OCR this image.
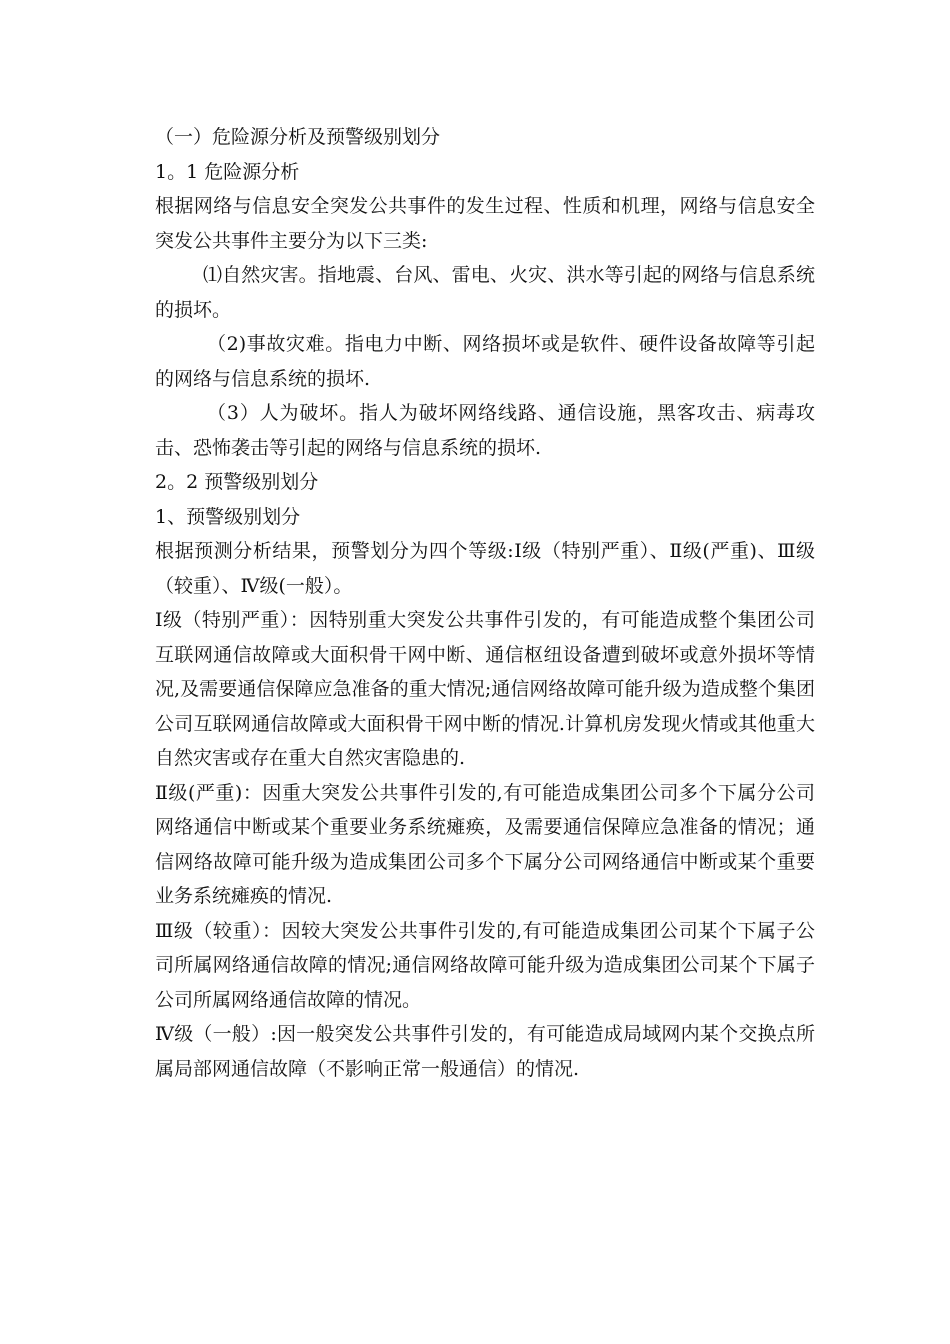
（一）危险源分析及预警级别划分
1。1 危险源分析
根据网络与信息安全突发公共事件的发生过程、性质和机理，网络与信息安全突发公共事件主要分为以下三类:
⑴自然灾害。指地震、台风、雷电、火灾、洪水等引起的网络与信息系统的损坏。
（2)事故灾难。指电力中断、网络损坏或是软件、硬件设备故障等引起的网络与信息系统的损坏.
（3）人为破坏。指人为破坏网络线路、通信设施，黑客攻击、病毒攻击、恐怖袭击等引起的网络与信息系统的损坏.
2。2 预警级别划分
1、预警级别划分
根据预测分析结果，预警划分为四个等级:Ⅰ级（特别严重）、Ⅱ级(严重)、Ⅲ级（较重）、Ⅳ级(一般）。
Ⅰ级（特别严重）：因特别重大突发公共事件引发的，有可能造成整个集团公司互联网通信故障或大面积骨干网中断、通信枢纽设备遭到破坏或意外损坏等情况,及需要通信保障应急准备的重大情况;通信网络故障可能升级为造成整个集团公司互联网通信故障或大面积骨干网中断的情况.计算机房发现火情或其他重大自然灾害或存在重大自然灾害隐患的.
Ⅱ级(严重)：因重大突发公共事件引发的,有可能造成集团公司多个下属分公司网络通信中断或某个重要业务系统瘫痪，及需要通信保障应急准备的情况；通信网络故障可能升级为造成集团公司多个下属分公司网络通信中断或某个重要业务系统瘫痪的情况.
Ⅲ级（较重）：因较大突发公共事件引发的,有可能造成集团公司某个下属子公司所属网络通信故障的情况;通信网络故障可能升级为造成集团公司某个下属子公司所属网络通信故障的情况。
Ⅳ级（一般）:因一般突发公共事件引发的，有可能造成局域网内某个交换点所属局部网通信故障（不影响正常一般通信）的情况.
